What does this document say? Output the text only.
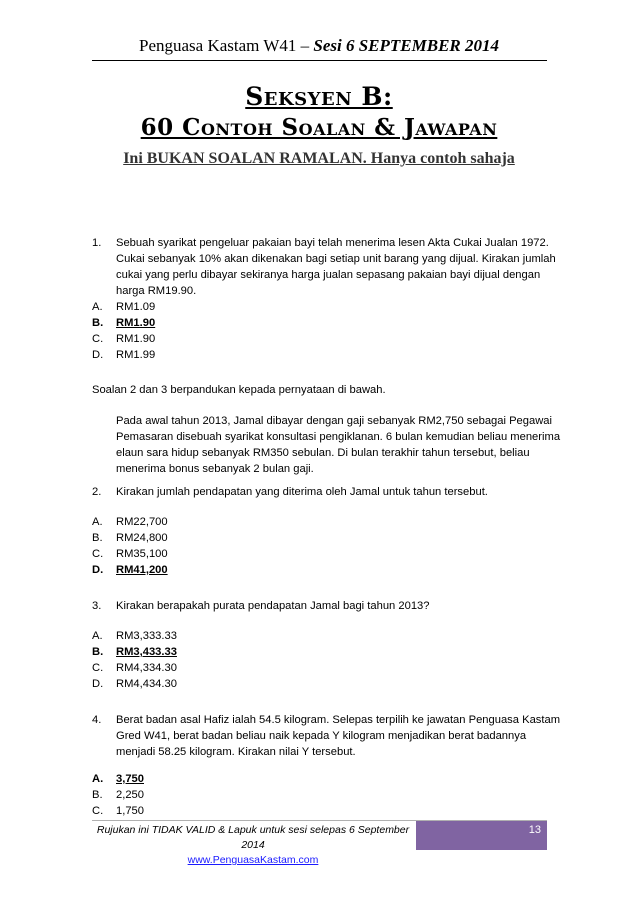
Penguasa Kastam W41 – Sesi 6 SEPTEMBER 2014
Seksyen B:
60 Contoh Soalan & Jawapan
Ini BUKAN SOALAN RAMALAN. Hanya contoh sahaja
1.	Sebuah syarikat pengeluar pakaian bayi telah menerima lesen Akta Cukai Jualan 1972. Cukai sebanyak 10% akan dikenakan bagi setiap unit barang yang dijual. Kirakan jumlah cukai yang perlu dibayar sekiranya harga jualan sepasang pakaian bayi dijual dengan harga RM19.90.
A.	RM1.09
B.	RM1.90
C.	RM1.90
D.	RM1.99
Soalan 2 dan 3 berpandukan kepada pernyataan di bawah.
Pada awal tahun 2013, Jamal dibayar dengan gaji sebanyak RM2,750 sebagai Pegawai Pemasaran disebuah syarikat konsultasi pengiklanan. 6 bulan kemudian beliau menerima elaun sara hidup sebanyak RM350 sebulan. Di bulan terakhir tahun tersebut, beliau menerima bonus sebanyak 2 bulan gaji.
2.	Kirakan jumlah pendapatan yang diterima oleh Jamal untuk tahun tersebut.
A.	RM22,700
B.	RM24,800
C.	RM35,100
D.	RM41,200
3.	Kirakan berapakah purata pendapatan Jamal bagi tahun 2013?
A.	RM3,333.33
B.	RM3,433.33
C.	RM4,334.30
D.	RM4,434.30
4.	Berat badan asal Hafiz ialah 54.5 kilogram. Selepas terpilih ke jawatan Penguasa Kastam Gred W41, berat badan beliau naik kepada Y kilogram menjadikan berat badannya menjadi 58.25 kilogram. Kirakan nilai Y tersebut.
A.	3,750
B.	2,250
C.	1,750
Rujukan ini TIDAK VALID & Lapuk untuk sesi selepas 6 September 2014
www.PenguasaKastam.com
13
